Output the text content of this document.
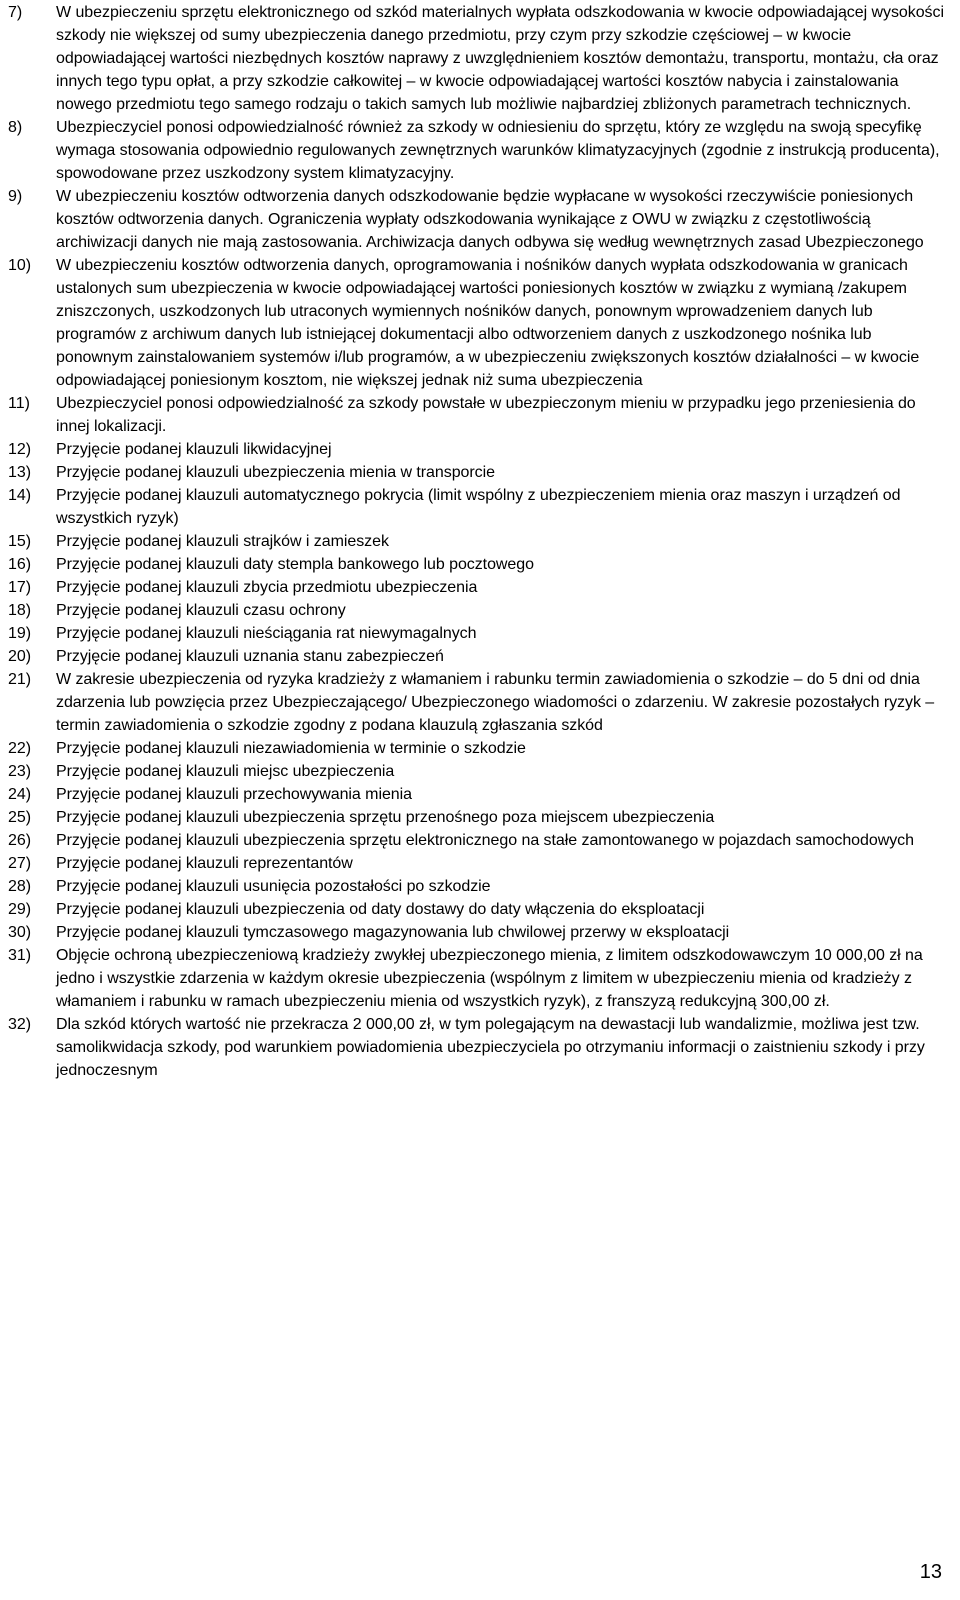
7)	W ubezpieczeniu sprzętu elektronicznego od szkód materialnych wypłata odszkodowania w kwocie odpowiadającej wysokości szkody nie większej od sumy ubezpieczenia danego przedmiotu, przy czym przy szkodzie częściowej – w kwocie odpowiadającej wartości niezbędnych kosztów naprawy z uwzględnieniem kosztów demontażu, transportu, montażu, cła oraz innych tego typu opłat, a przy szkodzie całkowitej – w kwocie odpowiadającej wartości kosztów nabycia i zainstalowania nowego przedmiotu tego samego rodzaju o takich samych lub możliwie najbardziej zbliżonych parametrach technicznych.
8)	Ubezpieczyciel ponosi odpowiedzialność również za szkody w odniesieniu do sprzętu, który ze względu na swoją specyfikę wymaga stosowania odpowiednio regulowanych zewnętrznych warunków klimatyzacyjnych (zgodnie z instrukcją producenta), spowodowane przez uszkodzony system klimatyzacyjny.
9)	W ubezpieczeniu kosztów odtworzenia danych odszkodowanie będzie wypłacane w wysokości rzeczywiście poniesionych kosztów odtworzenia danych. Ograniczenia wypłaty odszkodowania wynikające z OWU w związku z częstotliwością archiwizacji danych nie mają zastosowania. Archiwizacja danych odbywa się według wewnętrznych zasad Ubezpieczonego
10)	W ubezpieczeniu kosztów odtworzenia danych, oprogramowania i nośników danych wypłata odszkodowania w granicach ustalonych sum ubezpieczenia w kwocie odpowiadającej wartości poniesionych kosztów w związku z wymianą /zakupem zniszczonych, uszkodzonych lub utraconych wymiennych nośników danych, ponownym wprowadzeniem danych lub programów z archiwum danych lub istniejącej dokumentacji albo odtworzeniem danych z uszkodzonego nośnika lub ponownym zainstalowaniem systemów i/lub programów, a w ubezpieczeniu zwiększonych kosztów działalności – w kwocie odpowiadającej poniesionym kosztom, nie większej jednak niż suma ubezpieczenia
11)	Ubezpieczyciel ponosi odpowiedzialność za szkody powstałe w ubezpieczonym mieniu w przypadku jego przeniesienia do innej lokalizacji.
12)	Przyjęcie podanej klauzuli likwidacyjnej
13)	Przyjęcie podanej klauzuli ubezpieczenia mienia w transporcie
14)	Przyjęcie podanej klauzuli automatycznego pokrycia (limit wspólny z ubezpieczeniem mienia oraz maszyn i urządzeń od wszystkich ryzyk)
15)	Przyjęcie podanej klauzuli strajków i zamieszek
16)	Przyjęcie podanej klauzuli daty stempla bankowego lub pocztowego
17)	Przyjęcie podanej klauzuli zbycia przedmiotu ubezpieczenia
18)	Przyjęcie podanej klauzuli czasu ochrony
19)	Przyjęcie podanej klauzuli nieściągania rat niewymagalnych
20)	Przyjęcie podanej klauzuli uznania stanu zabezpieczeń
21)	W zakresie ubezpieczenia od ryzyka kradzieży z włamaniem i rabunku termin zawiadomienia o szkodzie – do 5 dni od dnia zdarzenia lub powzięcia przez Ubezpieczającego/ Ubezpieczonego wiadomości o zdarzeniu. W zakresie pozostałych ryzyk – termin zawiadomienia o szkodzie zgodny z podana klauzulą zgłaszania szkód
22)	Przyjęcie podanej klauzuli niezawiadomienia w terminie o szkodzie
23)	Przyjęcie podanej klauzuli miejsc ubezpieczenia
24)	Przyjęcie podanej klauzuli przechowywania mienia
25)	Przyjęcie podanej klauzuli ubezpieczenia sprzętu przenośnego poza miejscem ubezpieczenia
26)	Przyjęcie podanej klauzuli ubezpieczenia sprzętu elektronicznego na stałe zamontowanego w pojazdach samochodowych
27)	Przyjęcie podanej klauzuli reprezentantów
28)	Przyjęcie podanej klauzuli usunięcia pozostałości po szkodzie
29)	Przyjęcie podanej klauzuli ubezpieczenia od daty dostawy do daty włączenia do eksploatacji
30)	Przyjęcie podanej klauzuli tymczasowego magazynowania lub chwilowej przerwy w eksploatacji
31)	Objęcie ochroną ubezpieczeniową kradzieży zwykłej ubezpieczonego mienia, z limitem odszkodowawczym 10 000,00 zł na jedno i wszystkie zdarzenia w każdym okresie ubezpieczenia (wspólnym z limitem w ubezpieczeniu mienia od kradzieży z włamaniem i rabunku w ramach ubezpieczeniu mienia od wszystkich ryzyk), z franszyzą redukcyjną 300,00 zł.
32)	Dla szkód których wartość nie przekracza 2 000,00 zł, w tym polegającym na dewastacji lub wandalizmie, możliwa jest tzw. samolikwidacja szkody, pod warunkiem powiadomienia ubezpieczyciela po otrzymaniu informacji o zaistnieniu szkody i przy jednoczesnym
13
